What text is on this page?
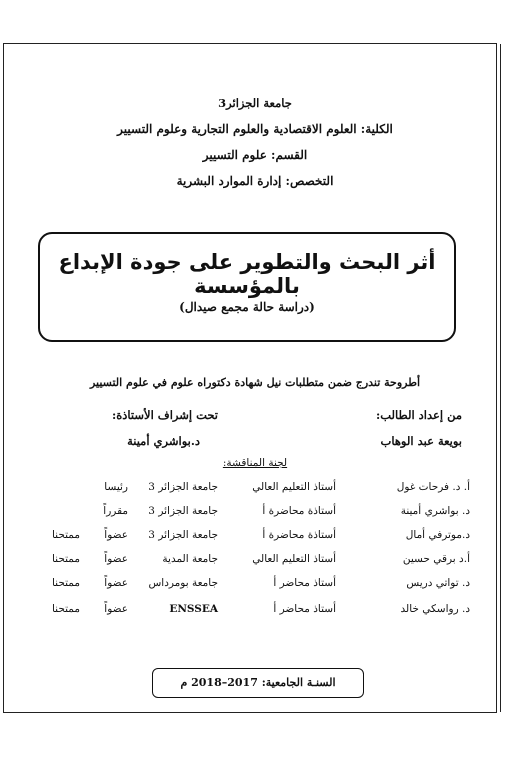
جامعة الجزائر3
الكلية: العلوم الاقتصادية والعلوم التجارية وعلوم التسيير
القسم: علوم التسيير
التخصص: إدارة الموارد البشرية
أثر البحث والتطوير على جودة الإبداع بالمؤسسة
(دراسة حالة مجمع صيدال)
أطروحة تندرج ضمن متطلبات نيل شهادة دكتوراه علوم في علوم التسيير
من إعداد الطالب:
تحت إشراف الأستاذة:
بويعة عبد الوهاب
د.بواشري أمينة
لجنة المناقشة:
أ. د. فرحات غول
أستاذ التعليم العالي
جامعة الجزائر 3
رئيسا
د. بواشري أمينة
أستاذة محاضرة أ
جامعة الجزائر 3
مقرراً
د.موترفي أمال
أستاذة محاضرة أ
جامعة الجزائر 3
عضواً
ممتحنا
أ.د برقي حسين
أستاذ التعليم العالي
جامعة المدية
عضواً
ممتحنا
د. تواتي دريس
أستاذ محاضر أ
جامعة بومرداس
عضواً
ممتحنا
د. رواسكي خالد
أستاذ محاضر أ
ENSSEA
عضواً
ممتحنا
السنـة الجامعية: 2017–2018 م
